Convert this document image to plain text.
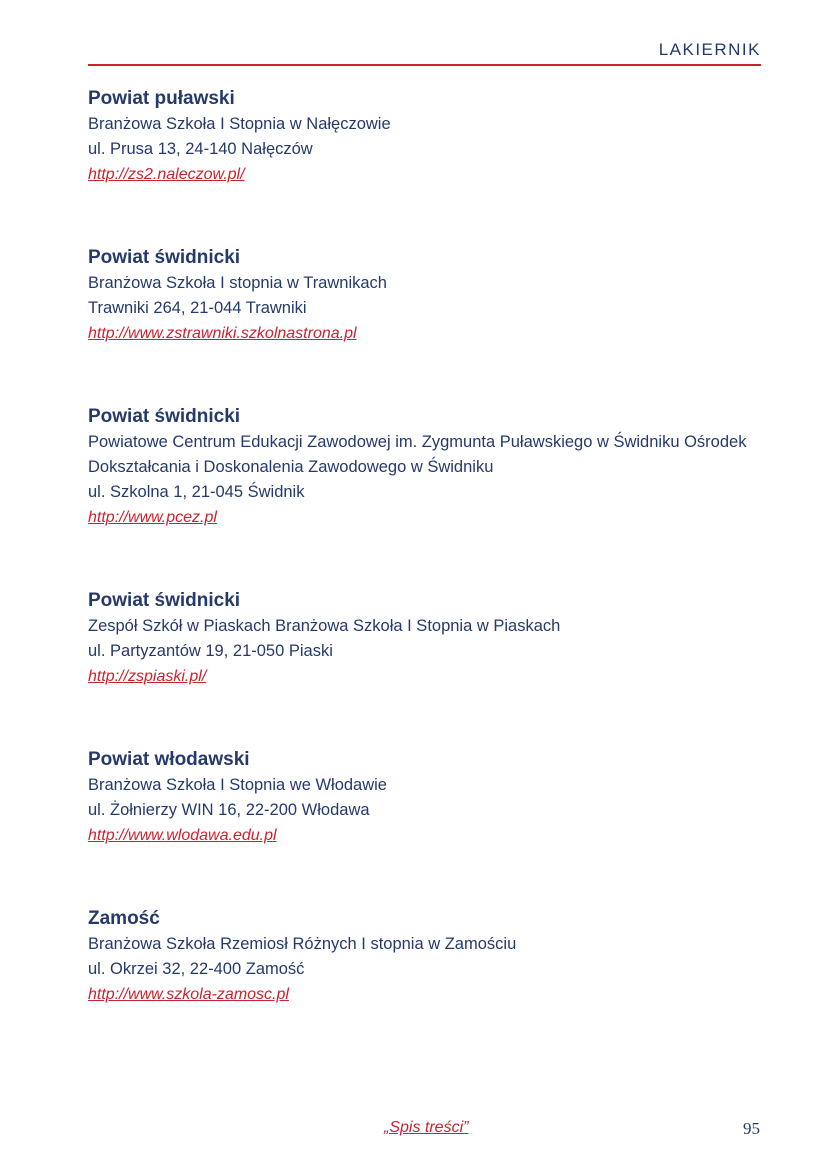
LAKIERNIK
Powiat puławski
Branżowa Szkoła I Stopnia w Nałęczowie
ul. Prusa 13, 24-140 Nałęczów
http://zs2.naleczow.pl/
Powiat świdnicki
Branżowa Szkoła I stopnia w Trawnikach
Trawniki 264, 21-044 Trawniki
http://www.zstrawniki.szkolnastrona.pl
Powiat świdnicki
Powiatowe Centrum Edukacji Zawodowej im. Zygmunta Puławskiego w Świdniku Ośrodek
Dokształcania i Doskonalenia Zawodowego w Świdniku
ul. Szkolna 1, 21-045 Świdnik
http://www.pcez.pl
Powiat świdnicki
Zespół Szkół w Piaskach Branżowa Szkoła I Stopnia w Piaskach
ul. Partyzantów 19, 21-050 Piaski
http://zspiaski.pl/
Powiat włodawski
Branżowa Szkoła I Stopnia we Włodawie
ul. Żołnierzy WIN 16, 22-200 Włodawa
http://www.wlodawa.edu.pl
Zamość
Branżowa Szkoła Rzemiosł Różnych I stopnia w Zamościu
ul. Okrzei 32, 22-400 Zamość
http://www.szkola-zamosc.pl
„Spis treści”	95
